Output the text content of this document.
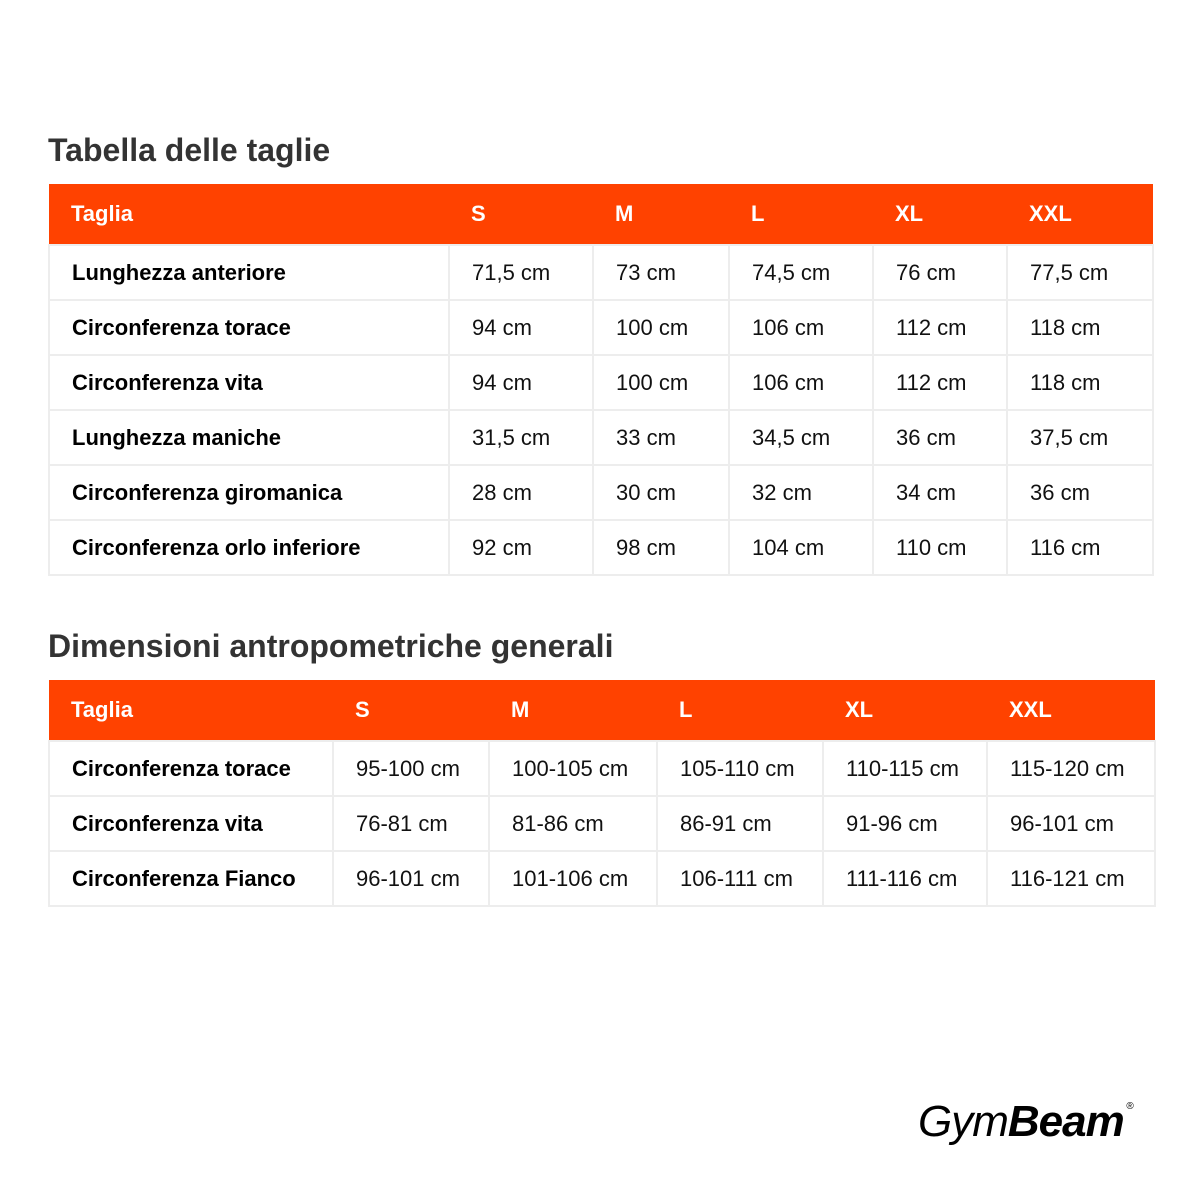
Tabella delle taglie
Taglia	S	M	L	XL	XXL
Lunghezza anteriore	71,5 cm	73 cm	74,5 cm	76 cm	77,5 cm
Circonferenza torace	94 cm	100 cm	106 cm	112 cm	118 cm
Circonferenza vita	94 cm	100 cm	106 cm	112 cm	118 cm
Lunghezza maniche	31,5 cm	33 cm	34,5 cm	36 cm	37,5 cm
Circonferenza giromanica	28 cm	30 cm	32 cm	34 cm	36 cm
Circonferenza orlo inferiore	92 cm	98 cm	104 cm	110 cm	116 cm
Dimensioni antropometriche generali
Taglia	S	M	L	XL	XXL
Circonferenza torace	95-100 cm	100-105 cm	105-110 cm	110-115 cm	115-120 cm
Circonferenza vita	76-81 cm	81-86 cm	86-91 cm	91-96 cm	96-101 cm
Circonferenza Fianco	96-101 cm	101-106 cm	106-111 cm	111-116 cm	116-121 cm
GymBeam ®
